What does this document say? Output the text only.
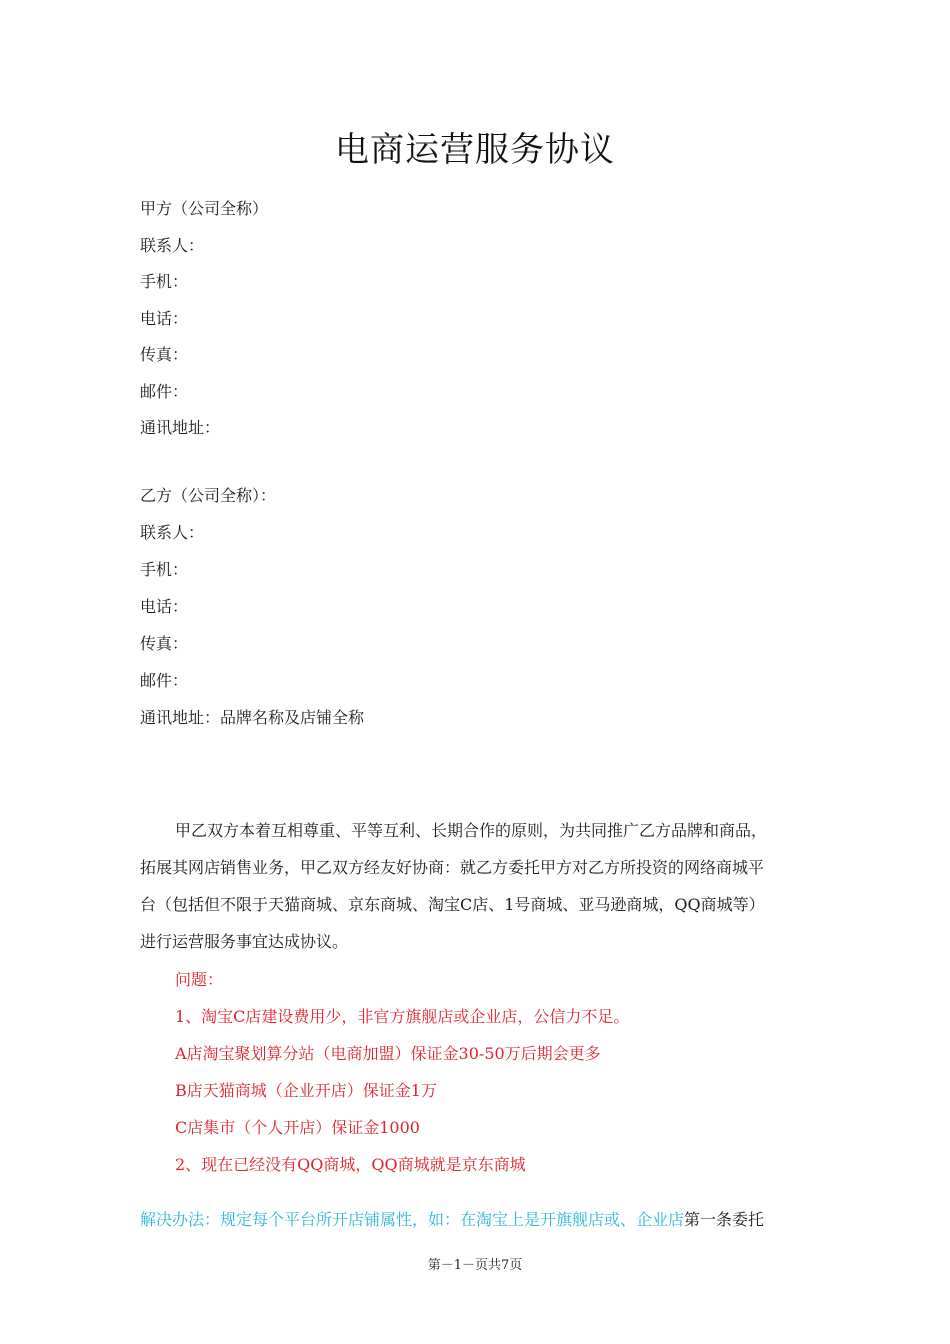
电商运营服务协议
甲方（公司全称）
联系人：
手机：
电话：
传真：
邮件：
通讯地址：
乙方（公司全称）：
联系人：
手机：
电话：
传真：
邮件：
通讯地址：品牌名称及店铺全称
甲乙双方本着互相尊重、平等互利、长期合作的原则，为共同推广乙方品牌和商品，
拓展其网店销售业务，甲乙双方经友好协商：就乙方委托甲方对乙方所投资的网络商城平
台（包括但不限于天猫商城、京东商城、淘宝C店、1号商城、亚马逊商城，QQ商城等）
进行运营服务事宜达成协议。
问题：
1、淘宝C店建设费用少，非官方旗舰店或企业店，公信力不足。
A店淘宝聚划算分站（电商加盟）保证金30-50万后期会更多
B店天猫商城（企业开店）保证金1万
C店集市（个人开店）保证金1000
2、现在已经没有QQ商城，QQ商城就是京东商城
解决办法：规定每个平台所开店铺属性，如：在淘宝上是开旗舰店或、企业店第一条委托
第－1－页共7页
